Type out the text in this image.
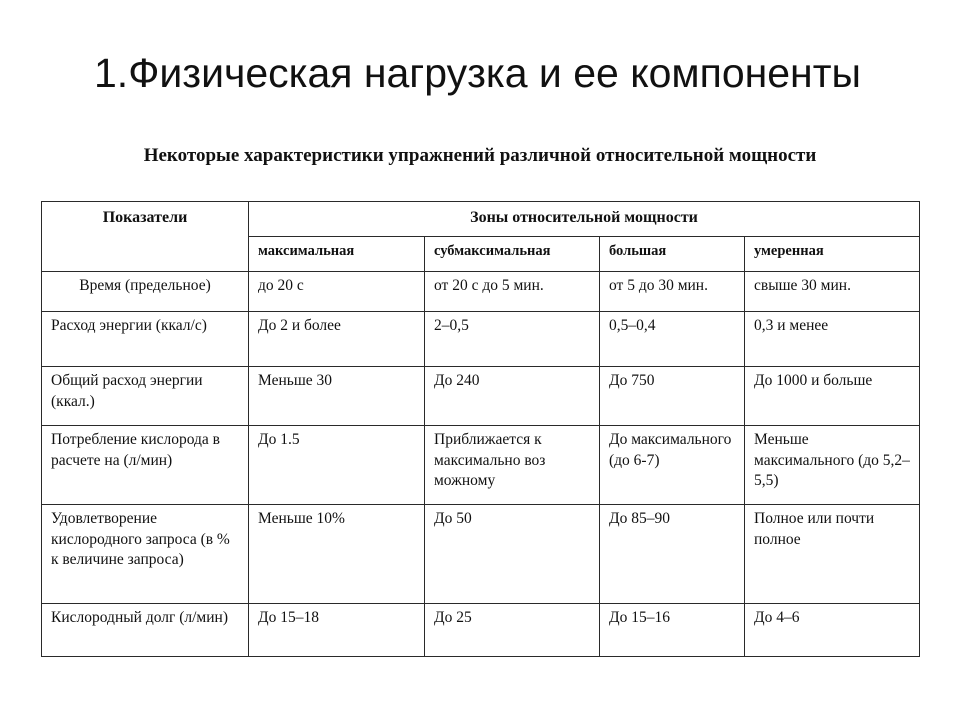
1.Физическая нагрузка и ее компоненты
Некоторые характеристики упражнений различной относительной мощности
Показатели	Зоны относительной мощности			
	максимальная	субмаксимальная	большая	умеренная
Время (предельное)	до 20 с	от 20 с до 5 мин.	от 5 до 30 мин.	свыше 30 мин.
Расход энергии (ккал/с)	До 2 и более	2–0,5	0,5–0,4	0,3 и менее
Общий расход энергии (ккал.)	Меньше 30	До 240	До 750	До 1000 и больше
Потребление кислорода в расчете на (л/мин)	До 1.5	Приближается к максимально воз можному	До максимального (до 6-7)	Меньше максимального (до 5,2–5,5)
Удовлетворение кислородного запроса (в % к величине запроса)	Меньше 10%	До 50	До 85–90	Полное или почти полное
Кислородный долг (л/мин)	До 15–18	До 25	До 15–16	До 4–6
